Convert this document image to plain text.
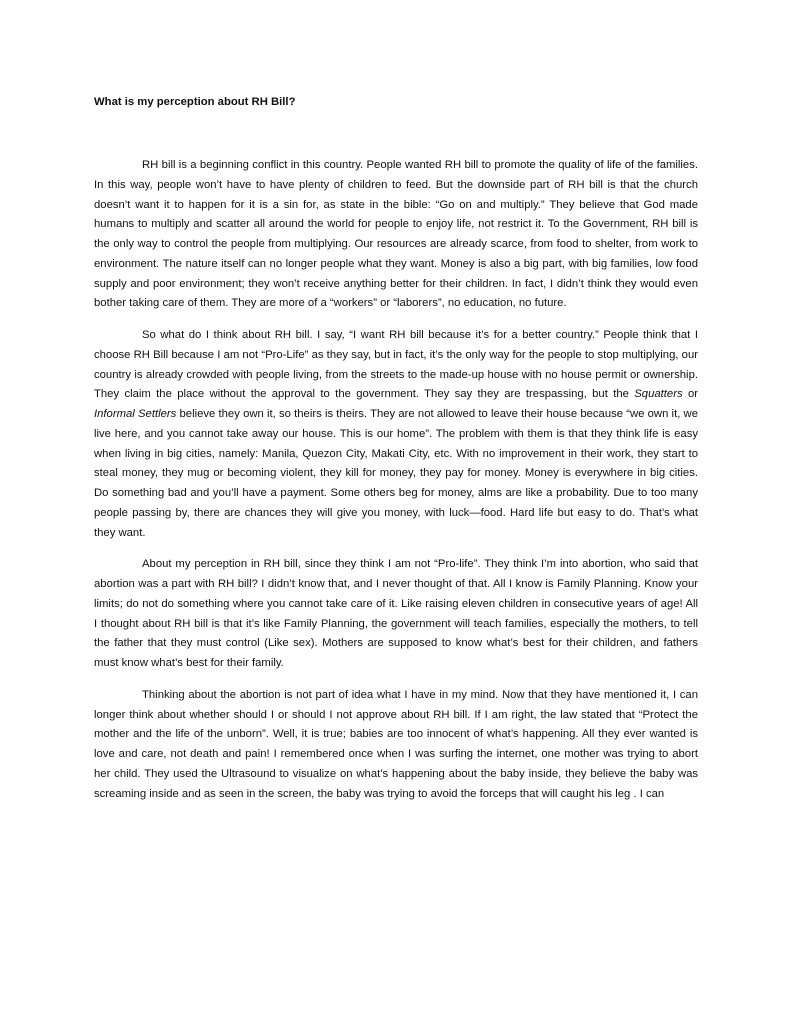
What is my perception about RH Bill?

RH bill is a beginning conflict in this country. People wanted RH bill to promote the quality of life of the families. In this way, people won’t have to have plenty of children to feed. But the downside part of RH bill is that the church doesn’t want it to happen for it is a sin for, as state in the bible: “Go on and multiply.” They believe that God made humans to multiply and scatter all around the world for people to enjoy life, not restrict it. To the Government, RH bill is the only way to control the people from multiplying. Our resources are already scarce, from food to shelter, from work to environment. The nature itself can no longer people what they want. Money is also a big part, with big families, low food supply and poor environment; they won’t receive anything better for their children. In fact, I didn’t think they would even bother taking care of them. They are more of a “workers” or “laborers”, no education, no future.

So what do I think about RH bill. I say, “I want RH bill because it’s for a better country.” People think that I choose RH Bill because I am not “Pro-Life” as they say, but in fact, it’s the only way for the people to stop multiplying, our country is already crowded with people living, from the streets to the made-up house with no house permit or ownership. They claim the place without the approval to the government. They say they are trespassing, but the Squatters or Informal Settlers believe they own it, so theirs is theirs. They are not allowed to leave their house because “we own it, we live here, and you cannot take away our house. This is our home”. The problem with them is that they think life is easy when living in big cities, namely: Manila, Quezon City, Makati City, etc. With no improvement in their work, they start to steal money, they mug or becoming violent, they kill for money, they pay for money. Money is everywhere in big cities. Do something bad and you’ll have a payment. Some others beg for money, alms are like a probability. Due to too many people passing by, there are chances they will give you money, with luck—food. Hard life but easy to do. That’s what they want.

About my perception in RH bill, since they think I am not “Pro-life”. They think I’m into abortion, who said that abortion was a part with RH bill? I didn’t know that, and I never thought of that. All I know is Family Planning. Know your limits; do not do something where you cannot take care of it. Like raising eleven children in consecutive years of age! All I thought about RH bill is that it’s like Family Planning, the government will teach families, especially the mothers, to tell the father that they must control (Like sex). Mothers are supposed to know what’s best for their children, and fathers must know what’s best for their family.

Thinking about the abortion is not part of idea what I have in my mind. Now that they have mentioned it, I can longer think about whether should I or should I not approve about RH bill. If I am right, the law stated that “Protect the mother and the life of the unborn”. Well, it is true; babies are too innocent of what’s happening. All they ever wanted is love and care, not death and pain! I remembered once when I was surfing the internet, one mother was trying to abort her child. They used the Ultrasound to visualize on what’s happening about the baby inside, they believe the baby was screaming inside and as seen in the screen, the baby was trying to avoid the forceps that will caught his leg . I can
